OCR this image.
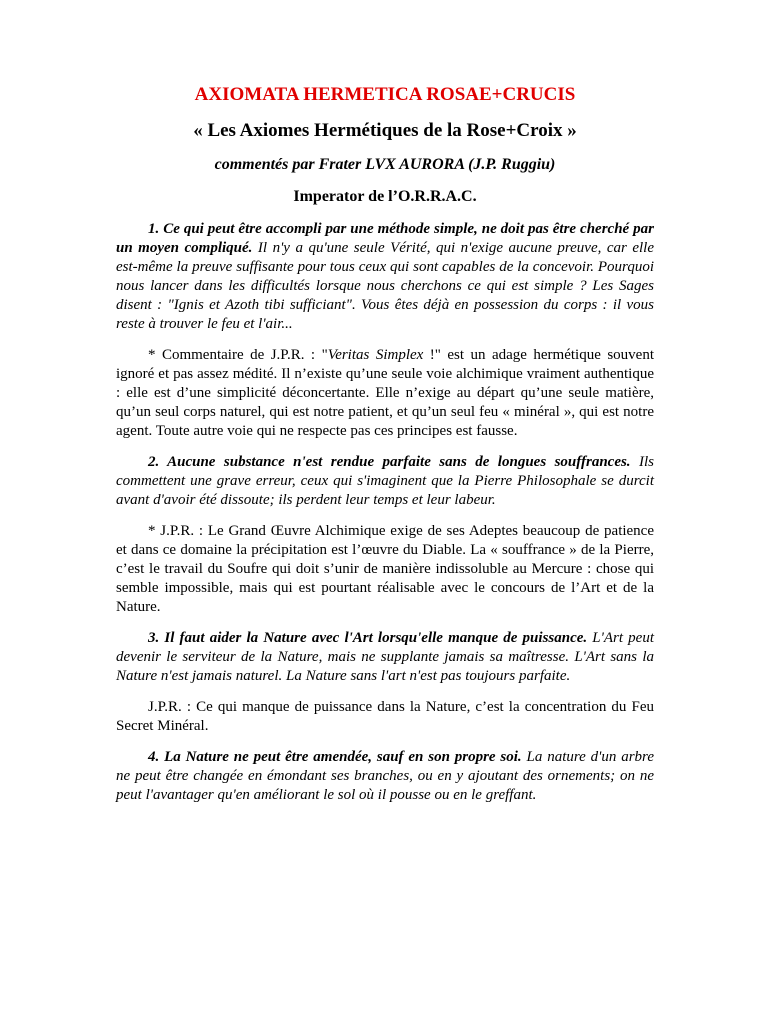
AXIOMATA HERMETICA ROSAE+CRUCIS
« Les Axiomes Hermétiques de la Rose+Croix »
commentés par Frater LVX AURORA (J.P. Ruggiu)
Imperator de l’O.R.R.A.C.

1. Ce qui peut être accompli par une méthode simple, ne doit pas être cherché par un moyen compliqué. Il n'y a qu'une seule Vérité, qui n'exige aucune preuve, car elle est-même la preuve suffisante pour tous ceux qui sont capables de la concevoir. Pourquoi nous lancer dans les difficultés lorsque nous cherchons ce qui est simple ? Les Sages disent : "Ignis et Azoth tibi sufficiant". Vous êtes déjà en possession du corps : il vous reste à trouver le feu et l'air...

* Commentaire de J.P.R. : "Veritas Simplex !" est un adage hermétique souvent ignoré et pas assez médité. Il n’existe qu’une seule voie alchimique vraiment authentique : elle est d’une simplicité déconcertante. Elle n’exige au départ qu’une seule matière, qu’un seul corps naturel, qui est notre patient, et qu’un seul feu « minéral », qui est notre agent. Toute autre voie qui ne respecte pas ces principes est fausse.

2. Aucune substance n'est rendue parfaite sans de longues souffrances. Ils commettent une grave erreur, ceux qui s'imaginent que la Pierre Philosophale se durcit avant d'avoir été dissoute; ils perdent leur temps et leur labeur.

* J.P.R. : Le Grand Œuvre Alchimique exige de ses Adeptes beaucoup de patience et dans ce domaine la précipitation est l’œuvre du Diable. La « souffrance » de la Pierre, c’est le travail du Soufre qui doit s’unir de manière indissoluble au Mercure : chose qui semble impossible, mais qui est pourtant réalisable avec le concours de l’Art et de la Nature.

3. Il faut aider la Nature avec l'Art lorsqu'elle manque de puissance. L'Art peut devenir le serviteur de la Nature, mais ne supplante jamais sa maîtresse. L'Art sans la Nature n'est jamais naturel. La Nature sans l'art n'est pas toujours parfaite.

J.P.R. : Ce qui manque de puissance dans la Nature, c’est la concentration du Feu Secret Minéral.

4. La Nature ne peut être amendée, sauf en son propre soi. La nature d'un arbre ne peut être changée en émondant ses branches, ou en y ajoutant des ornements; on ne peut l'avantager qu'en améliorant le sol où il pousse ou en le greffant.
